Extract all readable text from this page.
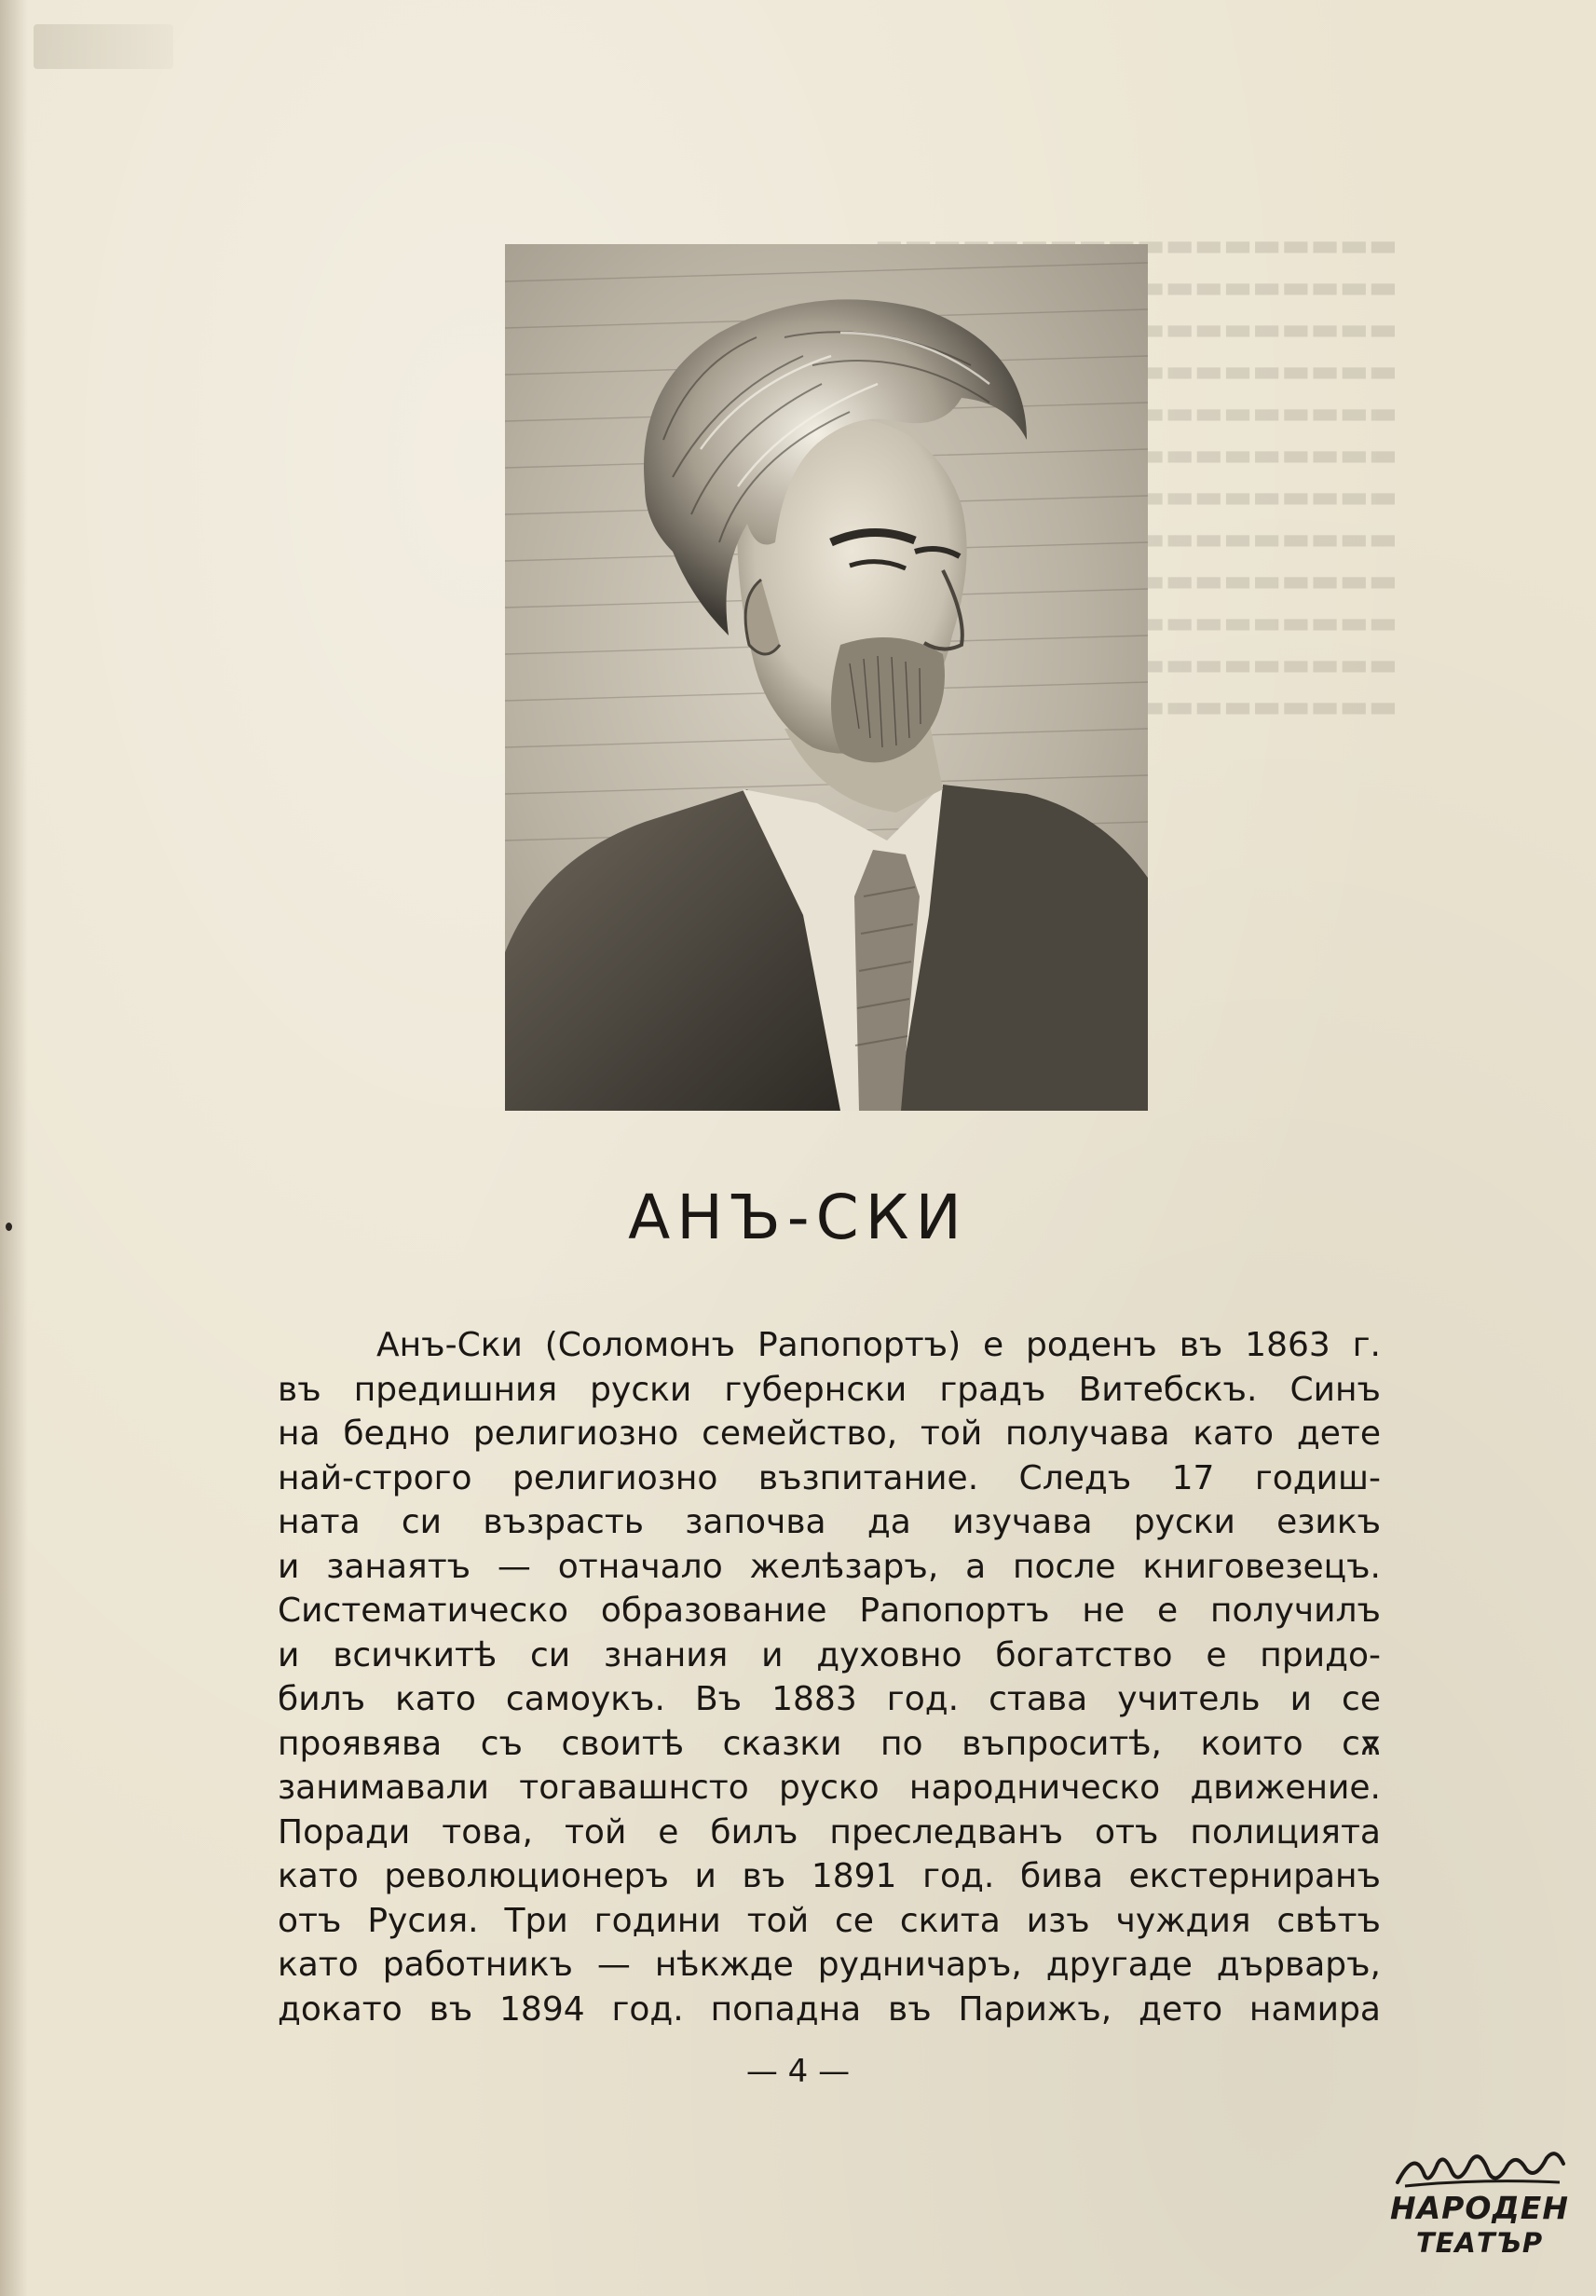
▬▬▬▬▬▬▬▬▬▬▬▬▬▬▬▬

▬▬▬▬▬▬▬▬▬▬▬▬▬▬

▬▬▬▬▬▬▬▬▬▬▬▬▬▬▬▬▬

▬▬▬▬▬▬▬▬▬▬▬▬▬▬▬▬

АНЪ-СКИ
Анъ-Ски (Соломонъ Рапопортъ) е роденъ въ 1863 г.
въ предишния руски губернски градъ Витебскъ. Синъ
на бедно религиозно семейство, той получава като дете
най-строго религиозно възпитание. Следъ 17 годиш-
ната си възрасть започва да изучава руски езикъ
и занаятъ — отначало желѣзаръ, а после книговезецъ.
Систематическо образование Рапопортъ не е получилъ
и всичкитѣ си знания и духовно богатство е придо-
билъ като самоукъ. Въ 1883 год. става учитель и се
проявява съ своитѣ сказки по въпроситѣ, които сѫ
занимавали тогавашнсто руско народническо движение.
Поради това, той е билъ преследванъ отъ полицията
като революционеръ и въ 1891 год. бива екстерниранъ
отъ Русия. Три години той се скита изъ чуждия свѣтъ
като работникъ — нѣкжде рудничаръ, другаде дърваръ,
докато въ 1894 год. попадна въ Парижъ, дето намира

— 4 —

НАРОДЕН
ТЕАТЪР
